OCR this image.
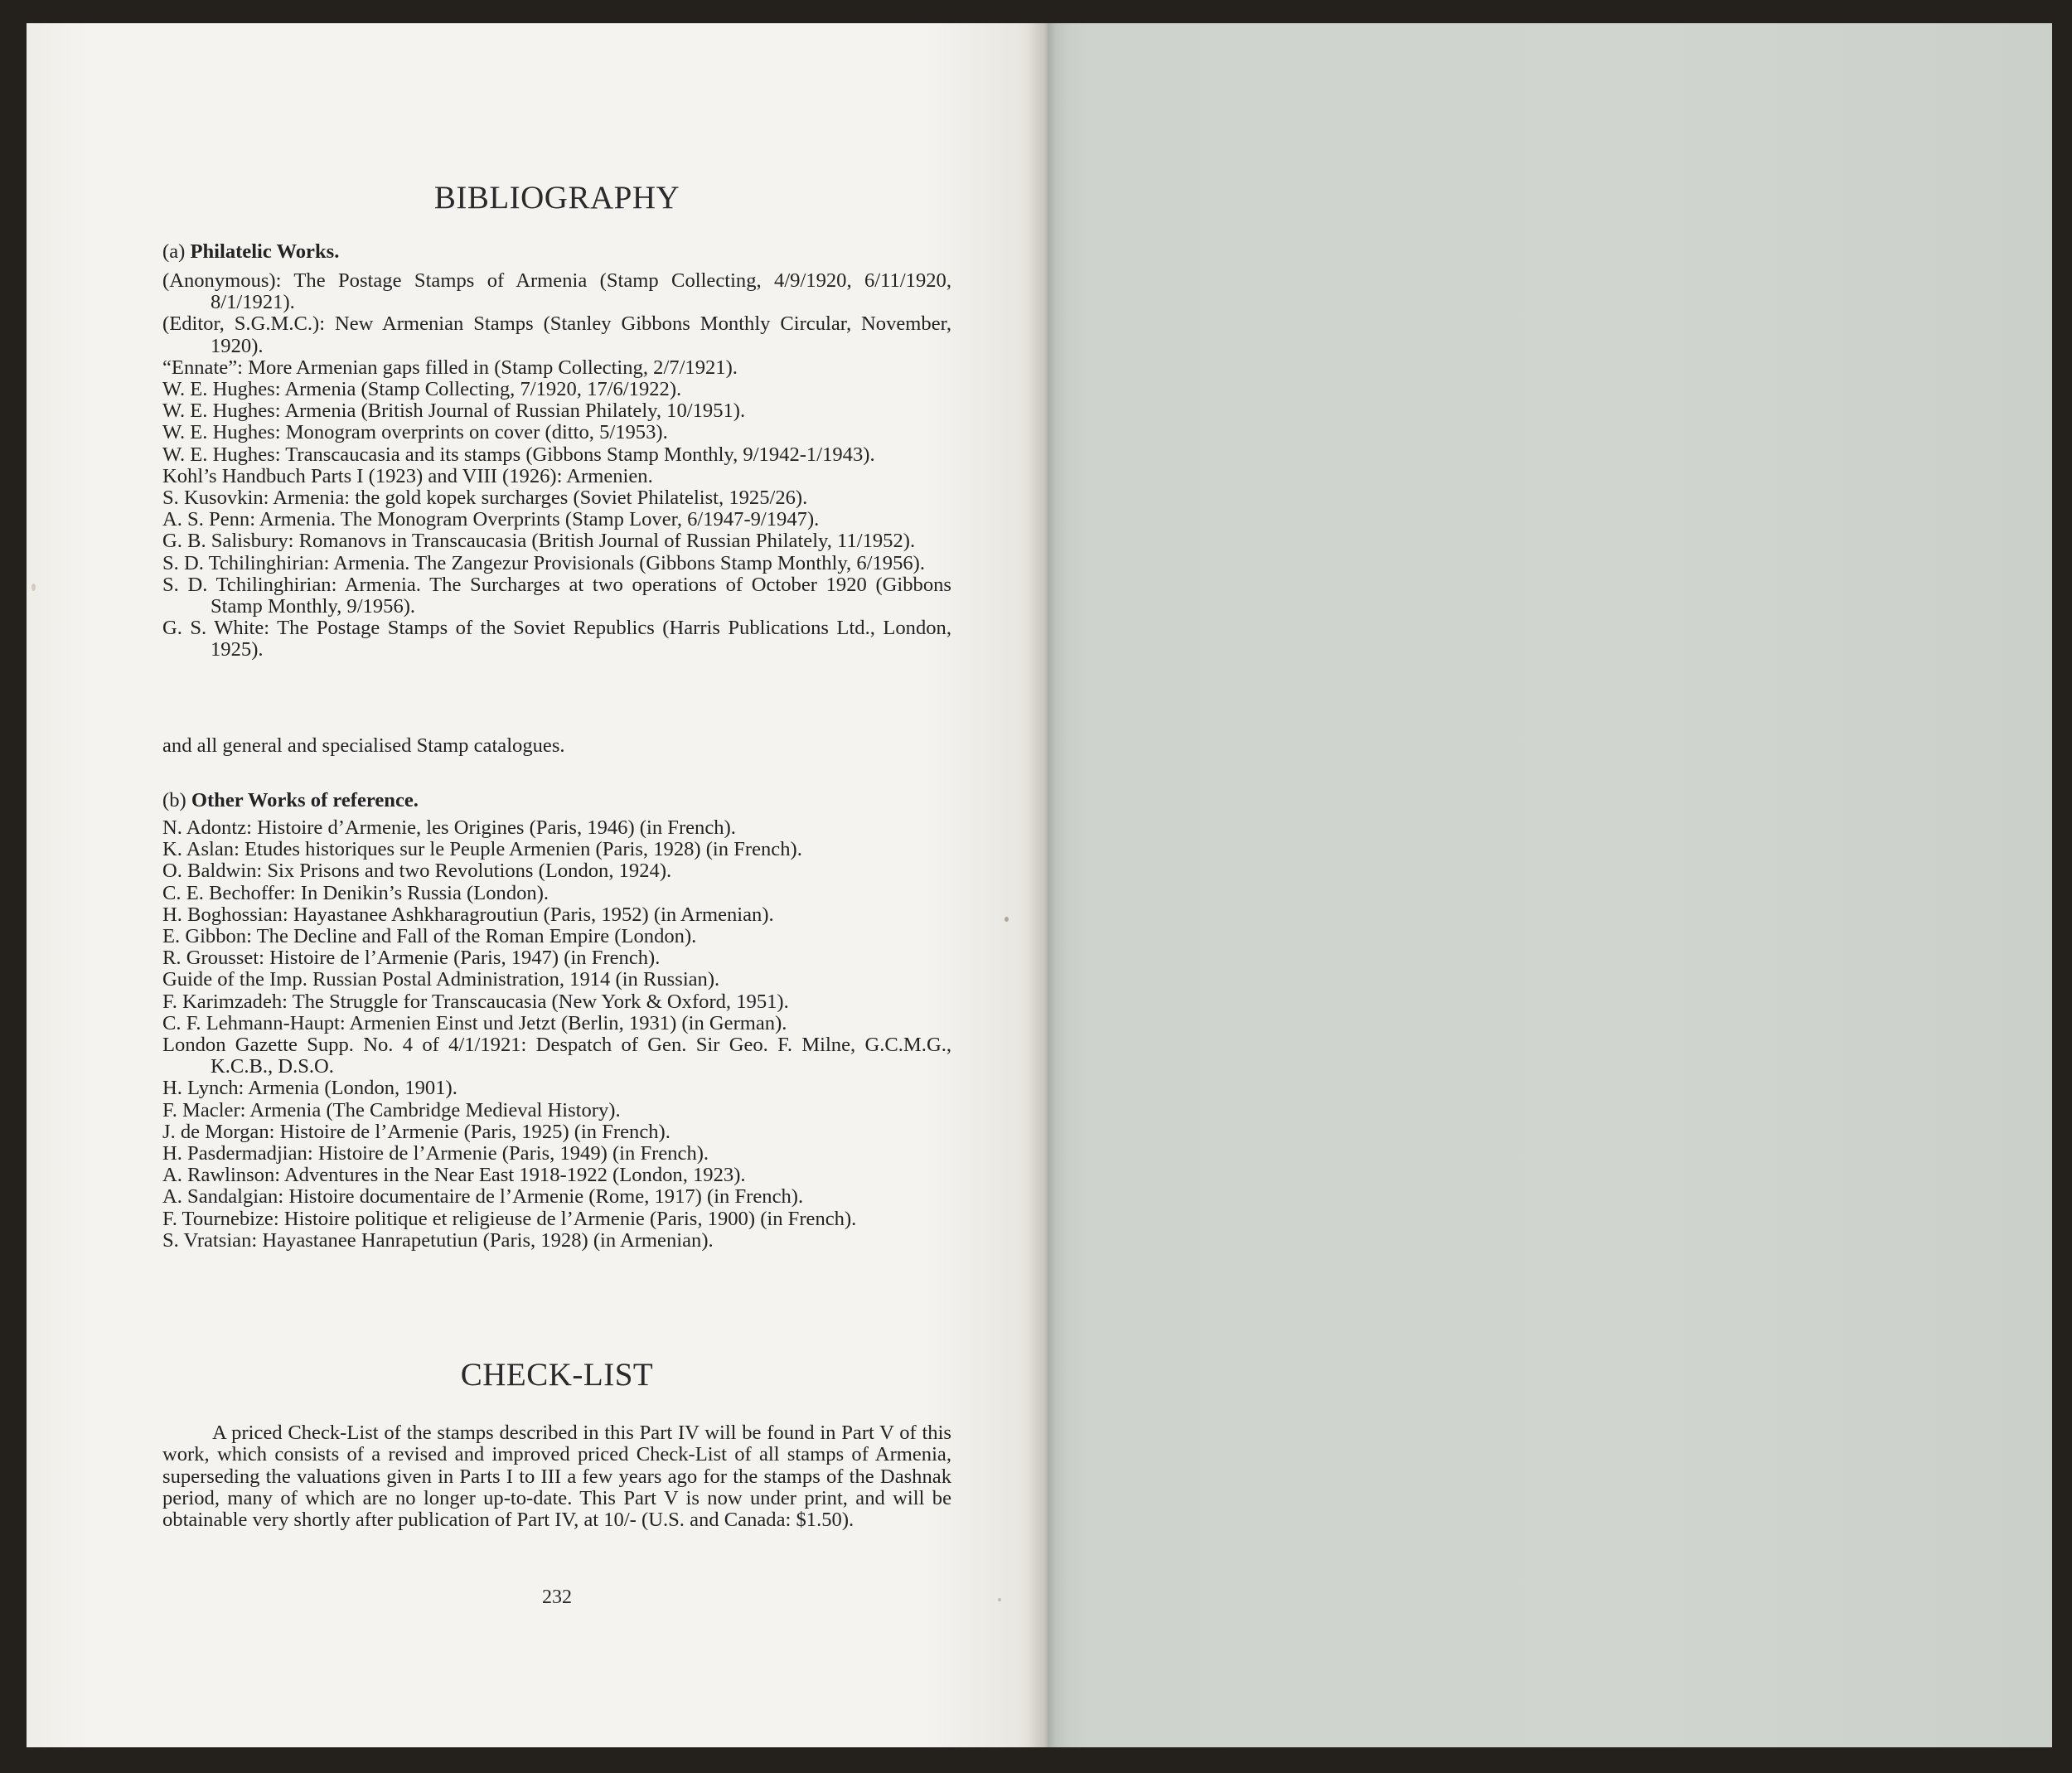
BIBLIOGRAPHY
(a) Philatelic Works.
(Anonymous): The Postage Stamps of Armenia (Stamp Collecting, 4/9/1920, 6/11/1920, 8/1/1921).
(Editor, S.G.M.C.): New Armenian Stamps (Stanley Gibbons Monthly Circular, November, 1920).
“Ennate”: More Armenian gaps filled in (Stamp Collecting, 2/7/1921).
W. E. Hughes: Armenia (Stamp Collecting, 7/1920, 17/6/1922).
W. E. Hughes: Armenia (British Journal of Russian Philately, 10/1951).
W. E. Hughes: Monogram overprints on cover (ditto, 5/1953).
W. E. Hughes: Transcaucasia and its stamps (Gibbons Stamp Monthly, 9/1942-1/1943).
Kohl’s Handbuch Parts I (1923) and VIII (1926): Armenien.
S. Kusovkin: Armenia: the gold kopek surcharges (Soviet Philatelist, 1925/26).
A. S. Penn: Armenia. The Monogram Overprints (Stamp Lover, 6/1947-9/1947).
G. B. Salisbury: Romanovs in Transcaucasia (British Journal of Russian Philately, 11/1952).
S. D. Tchilinghirian: Armenia. The Zangezur Provisionals (Gibbons Stamp Monthly, 6/1956).
S. D. Tchilinghirian: Armenia. The Surcharges at two operations of October 1920 (Gibbons Stamp Monthly, 9/1956).
G. S. White: The Postage Stamps of the Soviet Republics (Harris Publications Ltd., London, 1925).
and all general and specialised Stamp catalogues.
(b) Other Works of reference.
N. Adontz: Histoire d’Armenie, les Origines (Paris, 1946) (in French).
K. Aslan: Etudes historiques sur le Peuple Armenien (Paris, 1928) (in French).
O. Baldwin: Six Prisons and two Revolutions (London, 1924).
C. E. Bechoffer: In Denikin’s Russia (London).
H. Boghossian: Hayastanee Ashkharagroutiun (Paris, 1952) (in Armenian).
E. Gibbon: The Decline and Fall of the Roman Empire (London).
R. Grousset: Histoire de l’Armenie (Paris, 1947) (in French).
Guide of the Imp. Russian Postal Administration, 1914 (in Russian).
F. Karimzadeh: The Struggle for Transcaucasia (New York & Oxford, 1951).
C. F. Lehmann-Haupt: Armenien Einst und Jetzt (Berlin, 1931) (in German).
London Gazette Supp. No. 4 of 4/1/1921: Despatch of Gen. Sir Geo. F. Milne, G.C.M.G., K.C.B., D.S.O.
H. Lynch: Armenia (London, 1901).
F. Macler: Armenia (The Cambridge Medieval History).
J. de Morgan: Histoire de l’Armenie (Paris, 1925) (in French).
H. Pasdermadjian: Histoire de l’Armenie (Paris, 1949) (in French).
A. Rawlinson: Adventures in the Near East 1918-1922 (London, 1923).
A. Sandalgian: Histoire documentaire de l’Armenie (Rome, 1917) (in French).
F. Tournebize: Histoire politique et religieuse de l’Armenie (Paris, 1900) (in French).
S. Vratsian: Hayastanee Hanrapetutiun (Paris, 1928) (in Armenian).
CHECK-LIST

A priced Check-List of the stamps described in this Part IV will be found in Part V of this work, which consists of a revised and improved priced Check-List of all stamps of Armenia, superseding the valuations given in Parts I to III a few years ago for the stamps of the Dashnak period, many of which are no longer up-to-date. This Part V is now under print, and will be obtainable very shortly after publication of Part IV, at 10/- (U.S. and Canada: $1.50).

232
